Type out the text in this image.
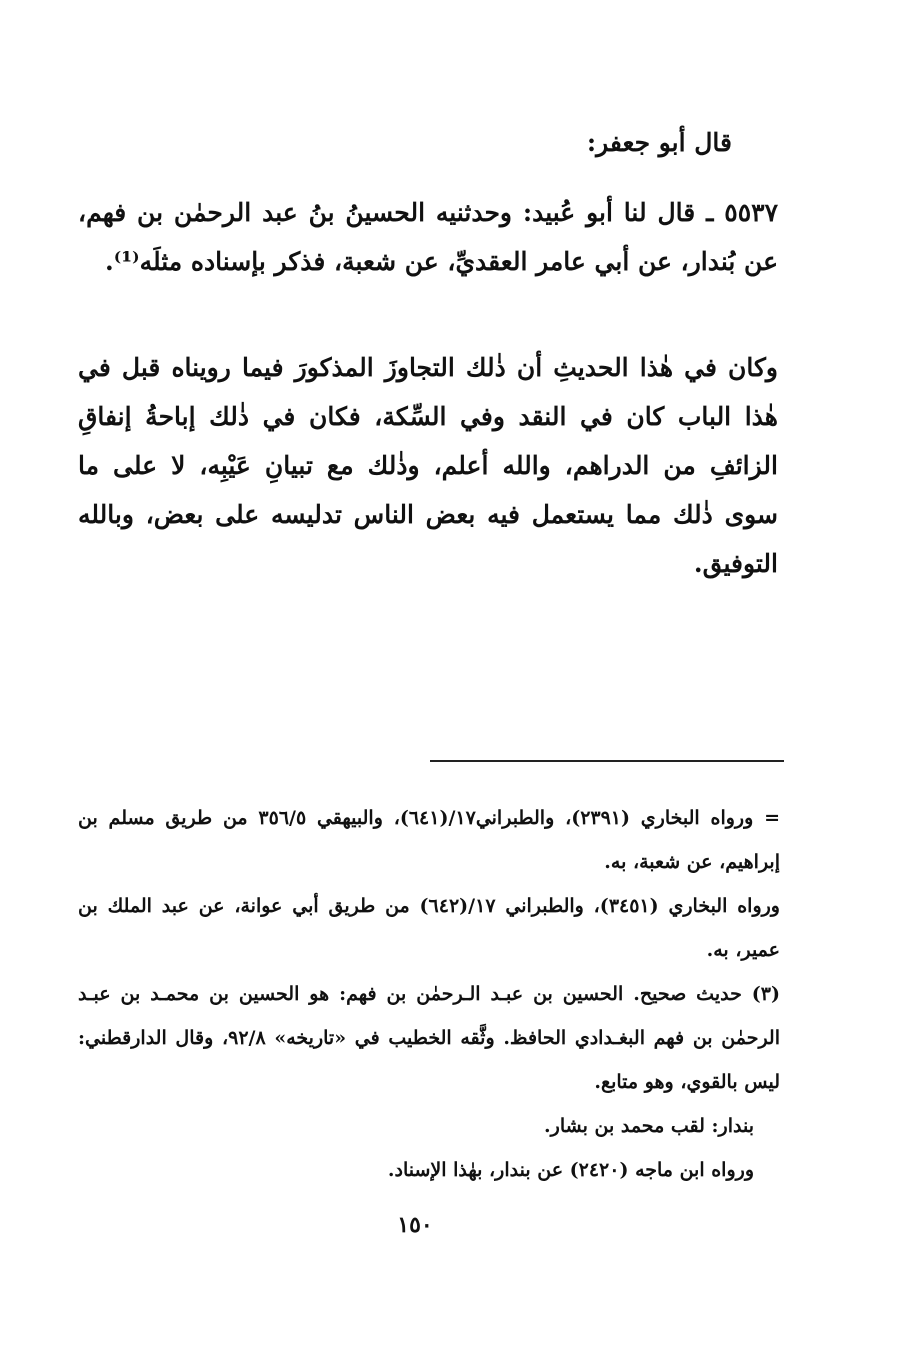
قال أبو جعفر:

٥٥٣٧ ـ قال لنا أبو عُبيد: وحدثنيه الحسينُ بنُ عبد الرحمٰن بن فهم، عن بُندار، عن أبي عامر العقديِّ، عن شعبة، فذكر بإسناده مثلَه⁽¹⁾.

وكان في هٰذا الحديثِ أن ذٰلك التجاوزَ المذكورَ فيما رويناه قبل في هٰذا الباب كان في النقد وفي السِّكة، فكان في ذٰلك إباحةُ إنفاقِ الزائفِ من الدراهم، والله أعلم، وذٰلك مع تبيانِ عَيْبِه، لا على ما سوى ذٰلك مما يستعمل فيه بعض الناس تدليسه على بعض، وبالله التوفيق.

= ورواه البخاري (٢٣٩١)، والطبراني١٧/(٦٤١)، والبيهقي ٣٥٦/٥ من طريق مسلم بن إبراهيم، عن شعبة، به.

ورواه البخاري (٣٤٥١)، والطبراني ١٧/(٦٤٢) من طريق أبي عوانة، عن عبد الملك بن عمير، به.

(٣) حديث صحيح. الحسين بن عبـد الـرحمٰن بن فهم: هو الحسين بن محمـد بن عبـد الرحمٰن بن فهم البغـدادي الحافظ. وثَّقه الخطيب في «تاريخه» ٩٢/٨، وقال الدارقطني: ليس بالقوي، وهو متابع.

بندار: لقب محمد بن بشار.

ورواه ابن ماجه (٢٤٢٠) عن بندار، بهٰذا الإسناد.

١٥٠
